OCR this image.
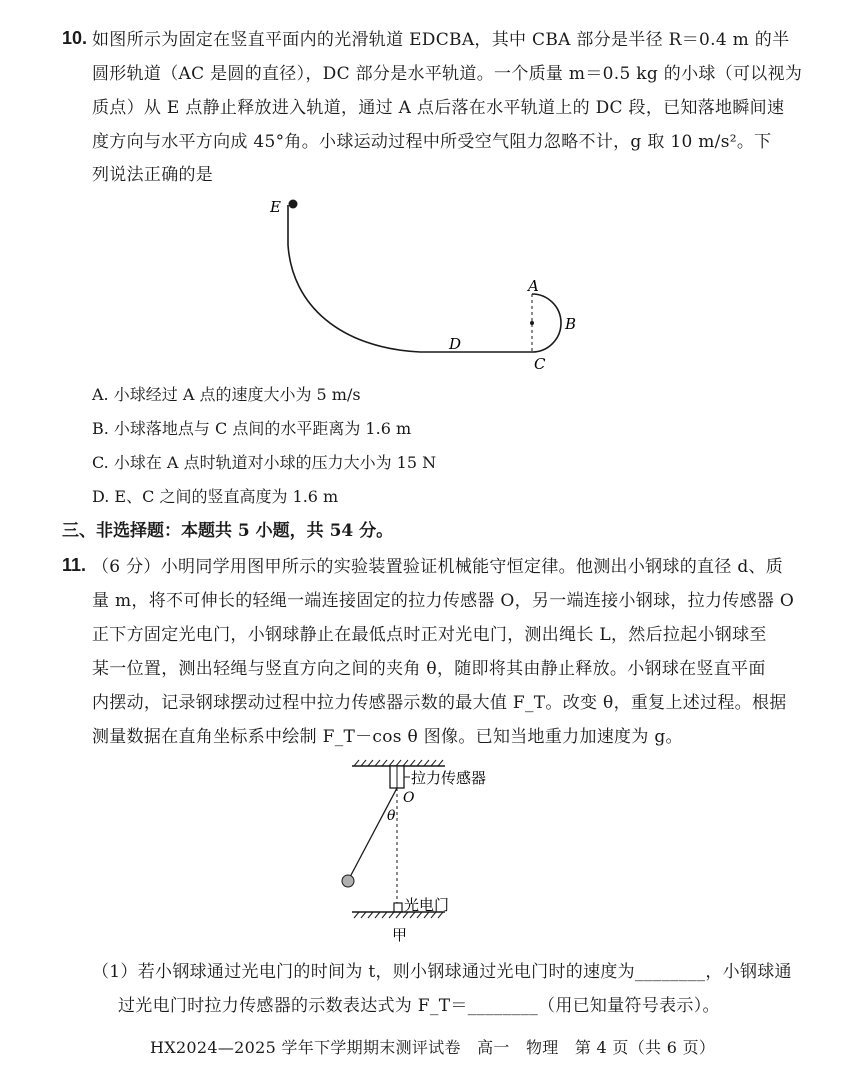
10. 如图所示为固定在竖直平面内的光滑轨道 EDCBA，其中 CBA 部分是半径 R＝0.4 m 的半
圆形轨道（AC 是圆的直径），DC 部分是水平轨道。一个质量 m＝0.5 kg 的小球（可以视为
质点）从 E 点静止释放进入轨道，通过 A 点后落在水平轨道上的 DC 段，已知落地瞬间速
度方向与水平方向成 45°角。小球运动过程中所受空气阻力忽略不计，g 取 10 m/s²。下
列说法正确的是
E
A
B
C
D
A. 小球经过 A 点的速度大小为 5 m/s
B. 小球落地点与 C 点间的水平距离为 1.6 m
C. 小球在 A 点时轨道对小球的压力大小为 15 N
D. E、C 之间的竖直高度为 1.6 m
三、非选择题：本题共 5 小题，共 54 分。
11. （6 分）小明同学用图甲所示的实验装置验证机械能守恒定律。他测出小钢球的直径 d、质
量 m，将不可伸长的轻绳一端连接固定的拉力传感器 O，另一端连接小钢球，拉力传感器 O
正下方固定光电门，小钢球静止在最低点时正对光电门，测出绳长 L，然后拉起小钢球至
某一位置，测出轻绳与竖直方向之间的夹角 θ，随即将其由静止释放。小钢球在竖直平面
内摆动，记录钢球摆动过程中拉力传感器示数的最大值 F_T。改变 θ，重复上述过程。根据
测量数据在直角坐标系中绘制 F_T－cos θ 图像。已知当地重力加速度为 g。
拉力传感器
O
θ
光电门
甲
（1）若小钢球通过光电门的时间为 t，则小钢球通过光电门时的速度为________，小钢球通
过光电门时拉力传感器的示数表达式为 F_T＝________（用已知量符号表示）。
HX2024—2025 学年下学期期末测评试卷　高一　物理　第 4 页（共 6 页）
